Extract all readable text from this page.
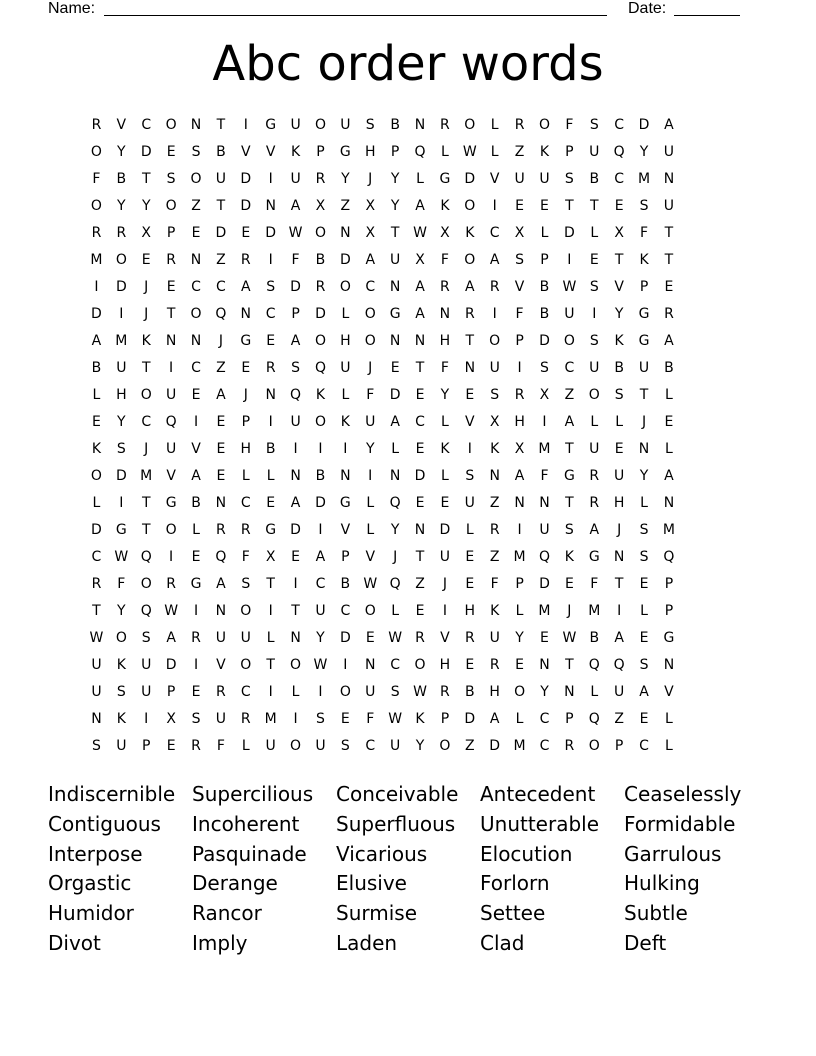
Name:	Date:
Abc order words
R	V	C	O	N	T	I	G	U	O	U	S	B	N	R	O	L	R	O	F	S	C	D	A
O	Y	D	E	S	B	V	V	K	P	G	H	P	Q	L	W	L	Z	K	P	U	Q	Y	U
F	B	T	S	O	U	D	I	U	R	Y	J	Y	L	G	D	V	U	U	S	B	C M N
O	Y	Y	O	Z	T	D	N	A	X	Z	X	Y	A	K	O	I	E	E	T	T	E	S	U
R	R	X	P	E	D	E	D W O	N	X	T W X	K	C	X	L	D	L	X	F	T
M O	E	R	N	Z	R	I	F	B	D	A	U	X	F	O	A	S	P	I	E	T	K	T
I	D	J	E	C	C	A	S	D	R	O	C	N	A	R	A	R	V	B W S	V	P	E
D	I	J	T	O Q	N	C	P	D	L	O G	A	N	R	I	F	B	U	I	Y	G	R
A	M	K	N	N	J	G	E	A	O	H	O	N	N	H	T	O	P	D O	S	K	G	A
B	U	T	I	C	Z	E	R	S	Q	U	J	E	T	F	N	U	I	S	C	U	B	U	B
L	H	O	U	E	A	J	N	Q	K	L	F	D	E	Y	E	S	R	X	Z	O	S	T	L
E	Y	C	Q	I	E	P	I	U	O	K	U	A	C	L	V	X	H	I	A	L	L	J	E
K	S	J	U	V	E	H	B	I	I	I	Y	L	E	K	I	K	X	M	T	U	E	N	L
O D M	V	A	E	L	L	N	B	N	I	N	D	L	S	N	A	F	G	R	U	Y	A
L	I	T	G	B	N	C	E	A	D	G	L	Q	E	E	U	Z	N	N	T	R	H	L	N
D	G	T	O	L	R	R	G	D	I	V	L	Y	N	D	L	R	I	U	S	A	J	S	M
C W Q	I	E	Q	F	X	E	A	P	V	J	T	U	E	Z	M Q	K	G	N	S	Q
R	F	O	R	G	A	S	T	I	C	B W Q	Z	J	E	F	P	D	E	F	T	E	P
T	Y	Q W	I	N	O	I	T	U	C	O	L	E	I	H	K	L	M	J	M	I	L	P
W O	S	A	R	U	U	L	N	Y	D	E W R	V	R	U	Y	E W B	A	E	G
U	K	U	D	I	V	O	T	O W	I	N	C	O	H	E	R	E	N	T	Q Q	S	N
U	S	U	P	E	R	C	I	L	I	O	U	S W R	B	H	O	Y	N	L	U	A	V
N	K	I	X	S	U	R M	I	S	E	F W K	P	D	A	L	C	P	Q	Z	E	L
S	U	P	E	R	F	L	U	O	U	S	C	U	Y	O	Z	D M C	R	O	P	C	L
Indiscernible Supercilious	Conceivable	Antecedent	Ceaselessly
Contiguous	Incoherent	Superfluous	Unutterable	Formidable
Interpose	Pasquinade	Vicarious	Elocution	Garrulous
Orgastic	Derange	Elusive	Forlorn	Hulking
Humidor	Rancor	Surmise	Settee	Subtle
Divot	Imply	Laden	Clad	Deft
